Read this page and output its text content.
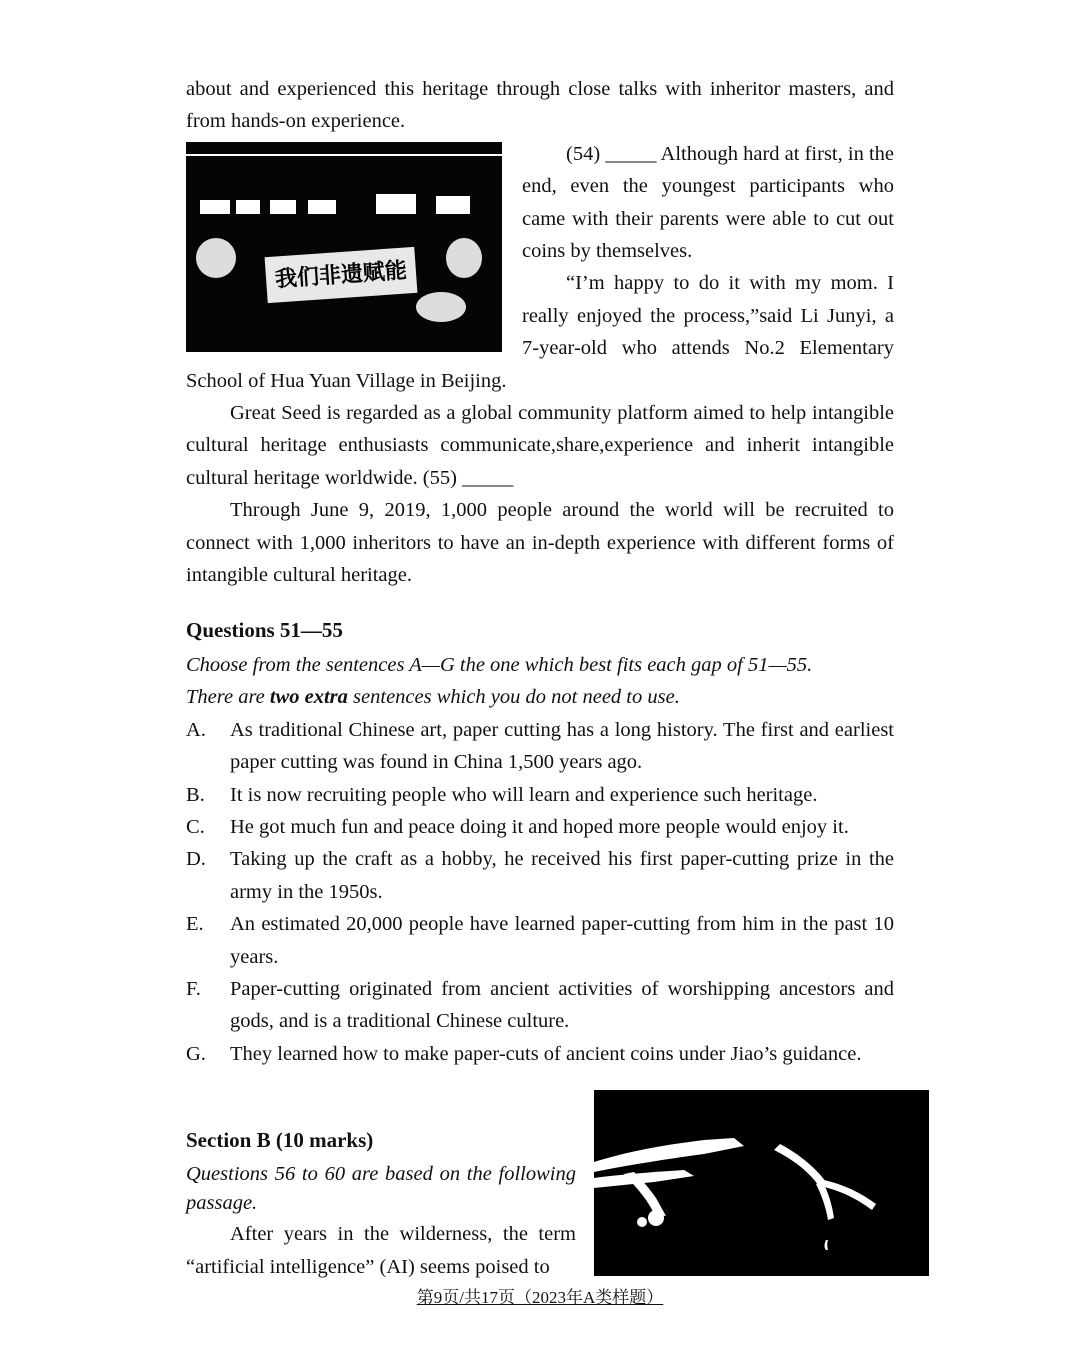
about and experienced this heritage through close talks with inheritor masters, and from hands-on experience.

我们非遗赋能

(54) _____ Although hard at first, in the end, even the youngest participants who came with their parents were able to cut out coins by themselves.

“I’m happy to do it with my mom. I really enjoyed the process,”said Li Junyi, a 7-year-old who attends No.2 Elementary School of Hua Yuan Village in Beijing.

Great Seed is regarded as a global community platform aimed to help intangible cultural heritage enthusiasts communicate,share,experience and inherit intangible cultural heritage worldwide. (55) _____

Through June 9, 2019, 1,000 people around the world will be recruited to connect with 1,000 inheritors to have an in-depth experience with different forms of intangible cultural heritage.

Questions 51—55

Choose from the sentences A—G the one which best fits each gap of 51—55.

There are two extra sentences which you do not need to use.

A. As traditional Chinese art, paper cutting has a long history. The first and earliest paper cutting was found in China 1,500 years ago.
B. It is now recruiting people who will learn and experience such heritage.
C. He got much fun and peace doing it and hoped more people would enjoy it.
D. Taking up the craft as a hobby, he received his first paper-cutting prize in the army in the 1950s.
E. An estimated 20,000 people have learned paper-cutting from him in the past 10 years.
F. Paper-cutting originated from ancient activities of worshipping ancestors and gods, and is a traditional Chinese culture.
G. They learned how to make paper-cuts of ancient coins under Jiao’s guidance.

Section B (10 marks)

Questions 56 to 60 are based on the following passage.

After years in the wilderness, the term “artificial intelligence” (AI) seems poised to

第9页/共17页（2023年A类样题）
